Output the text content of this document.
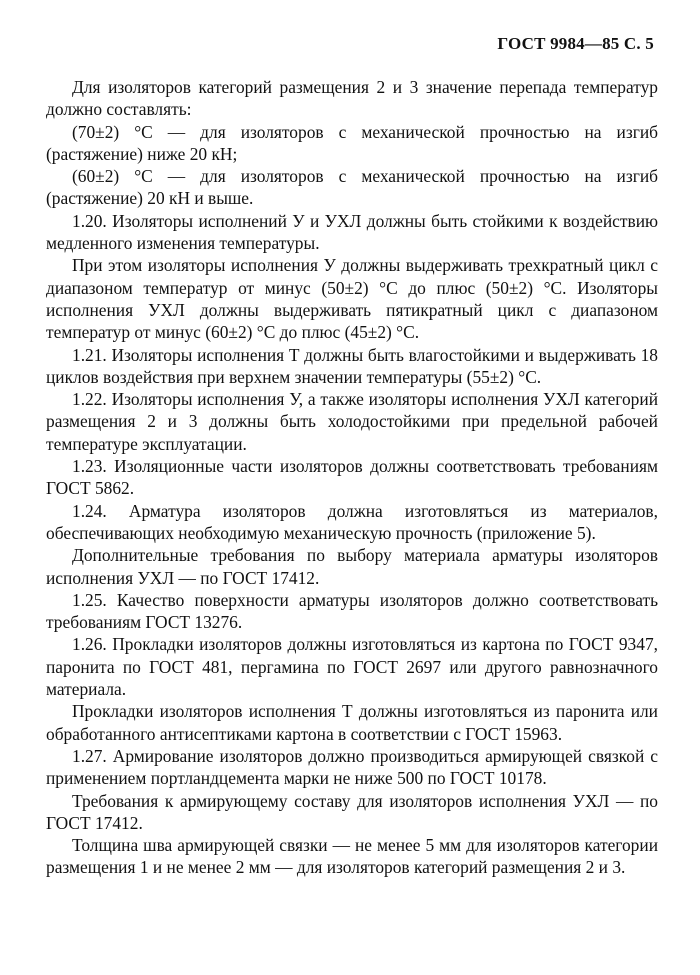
ГОСТ 9984—85 С. 5

Для изоляторов категорий размещения 2 и 3 значение перепада температур должно составлять:

(70±2) °С — для изоляторов с механической прочностью на изгиб (растяжение) ниже 20 кН;

(60±2) °С — для изоляторов с механической прочностью на изгиб (растяжение) 20 кН и выше.

1.20. Изоляторы исполнений У и УХЛ должны быть стойкими к воздействию медленного изменения температуры.

При этом изоляторы исполнения У должны выдерживать трехкратный цикл с диапазоном температур от минус (50±2) °С до плюс (50±2) °С. Изоляторы исполнения УХЛ должны выдерживать пятикратный цикл с диапазоном температур от минус (60±2) °С до плюс (45±2) °С.

1.21. Изоляторы исполнения Т должны быть влагостойкими и выдерживать 18 циклов воздействия при верхнем значении температуры (55±2) °С.

1.22. Изоляторы исполнения У, а также изоляторы исполнения УХЛ категорий размещения 2 и 3 должны быть холодостойкими при предельной рабочей температуре эксплуатации.

1.23. Изоляционные части изоляторов должны соответствовать требованиям ГОСТ 5862.

1.24. Арматура изоляторов должна изготовляться из материалов, обеспечивающих необходимую механическую прочность (приложение 5).

Дополнительные требования по выбору материала арматуры изоляторов исполнения УХЛ — по ГОСТ 17412.

1.25. Качество поверхности арматуры изоляторов должно соответствовать требованиям ГОСТ 13276.

1.26. Прокладки изоляторов должны изготовляться из картона по ГОСТ 9347, паронита по ГОСТ 481, пергамина по ГОСТ 2697 или другого равнозначного материала.

Прокладки изоляторов исполнения Т должны изготовляться из паронита или обработанного антисептиками картона в соответствии с ГОСТ 15963.

1.27. Армирование изоляторов должно производиться армирующей связкой с применением портландцемента марки не ниже 500 по ГОСТ 10178.

Требования к армирующему составу для изоляторов исполнения УХЛ — по ГОСТ 17412.

Толщина шва армирующей связки — не менее 5 мм для изоляторов категории размещения 1 и не менее 2 мм — для изоляторов категорий размещения 2 и 3.
